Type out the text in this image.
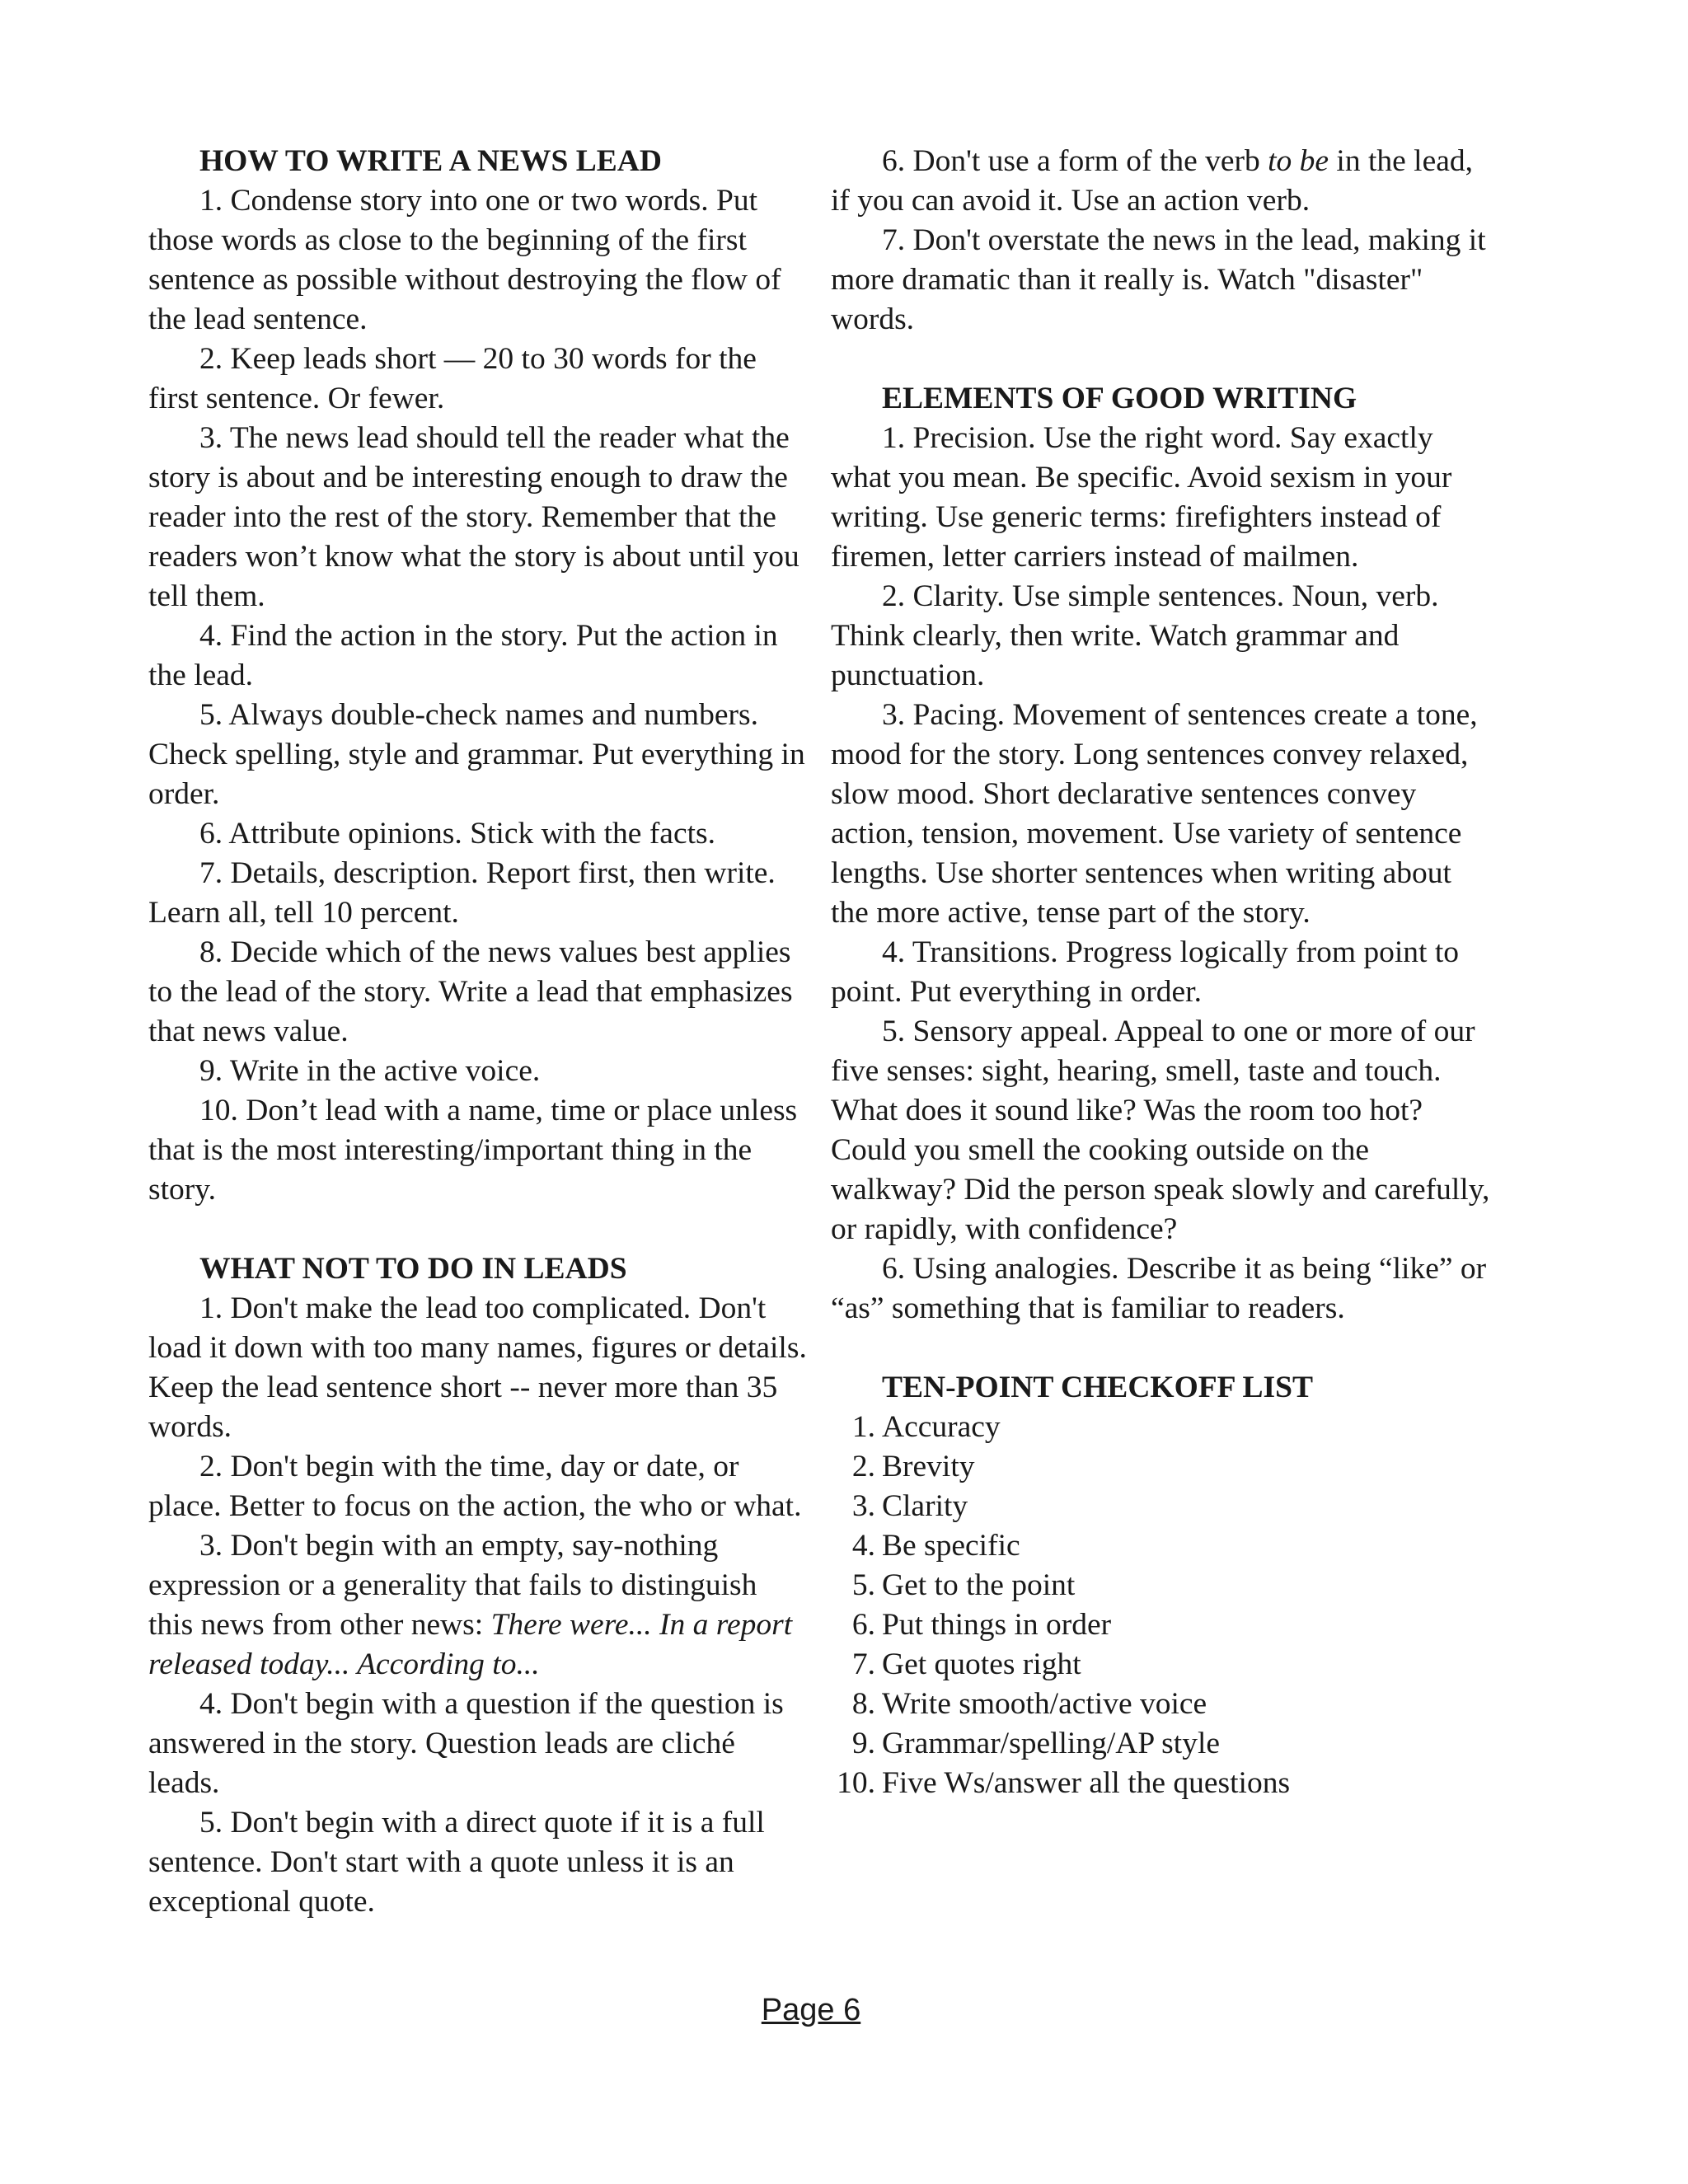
HOW TO WRITE A NEWS LEAD

1. Condense story into one or two words. Put those words as close to the beginning of the first sentence as possible without destroying the flow of the lead sentence.

2. Keep leads short — 20 to 30 words for the first sentence. Or fewer.

3. The news lead should tell the reader what the story is about and be interesting enough to draw the reader into the rest of the story. Remember that the readers won’t know what the story is about until you tell them.

4. Find the action in the story. Put the action in the lead.

5. Always double-check names and numbers. Check spelling, style and grammar. Put everything in order.

6. Attribute opinions. Stick with the facts.

7. Details, description. Report first, then write. Learn all, tell 10 percent.

8. Decide which of the news values best applies to the lead of the story. Write a lead that emphasizes that news value.

9. Write in the active voice.

10. Don’t lead with a name, time or place unless that is the most interesting/important thing in the story.

WHAT NOT TO DO IN LEADS

1. Don't make the lead too complicated. Don't load it down with too many names, figures or details. Keep the lead sentence short -- never more than 35 words.

2. Don't begin with the time, day or date, or place. Better to focus on the action, the who or what.

3. Don't begin with an empty, say-nothing expression or a generality that fails to distinguish this news from other news: There were... In a report released today... According to...

4. Don't begin with a question if the question is answered in the story. Question leads are cliché leads.

5. Don't begin with a direct quote if it is a full sentence. Don't start with a quote unless it is an exceptional quote.

6. Don't use a form of the verb to be in the lead, if you can avoid it. Use an action verb.

7. Don't overstate the news in the lead, making it more dramatic than it really is. Watch "disaster" words.

ELEMENTS OF GOOD WRITING

1. Precision. Use the right word. Say exactly what you mean. Be specific. Avoid sexism in your writing. Use generic terms: firefighters instead of firemen, letter carriers instead of mailmen.

2. Clarity. Use simple sentences. Noun, verb. Think clearly, then write. Watch grammar and punctuation.

3. Pacing. Movement of sentences create a tone, mood for the story. Long sentences convey relaxed, slow mood. Short declarative sentences convey action, tension, movement. Use variety of sentence lengths. Use shorter sentences when writing about the more active, tense part of the story.

4. Transitions. Progress logically from point to point. Put everything in order.

5. Sensory appeal. Appeal to one or more of our five senses: sight, hearing, smell, taste and touch. What does it sound like? Was the room too hot? Could you smell the cooking outside on the walkway? Did the person speak slowly and carefully, or rapidly, with confidence?

6. Using analogies. Describe it as being “like” or “as” something that is familiar to readers.

TEN-POINT CHECKOFF LIST
1. Accuracy
2. Brevity
3. Clarity
4. Be specific
5. Get to the point
6. Put things in order
7. Get quotes right
8. Write smooth/active voice
9. Grammar/spelling/AP style
10. Five Ws/answer all the questions
Page 6
